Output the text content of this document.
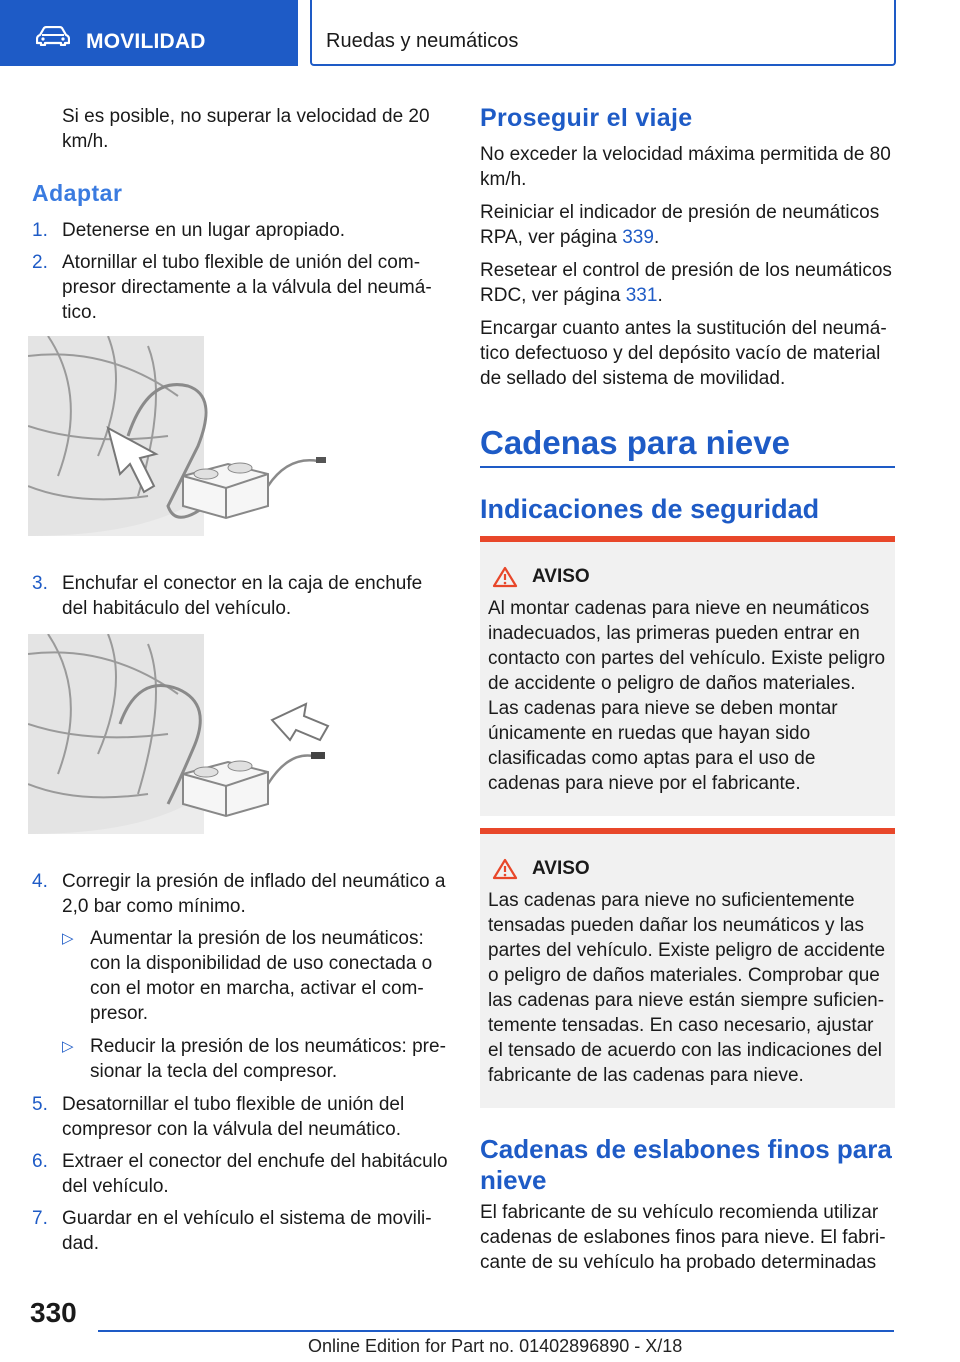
MOVILIDAD	Ruedas y neumáticos

Si es posible, no superar la velocidad de 20 km/h.

Adaptar
1. Detenerse en un lugar apropiado.
2. Atornillar el tubo flexible de unión del compresor directamente a la válvula del neumático.
3. Enchufar el conector en la caja de enchufe del habitáculo del vehículo.
4. Corregir la presión de inflado del neumático a 2,0 bar como mínimo.
▷ Aumentar la presión de los neumáticos: con la disponibilidad de uso conectada o con el motor en marcha, activar el compresor.
▷ Reducir la presión de los neumáticos: presionar la tecla del compresor.
5. Desatornillar el tubo flexible de unión del compresor con la válvula del neumático.
6. Extraer el conector del enchufe del habitáculo del vehículo.
7. Guardar en el vehículo el sistema de movilidad.
Proseguir el viaje

No exceder la velocidad máxima permitida de 80 km/h.

Reiniciar el indicador de presión de neumáticos RPA, ver página 339.

Resetear el control de presión de los neumáticos RDC, ver página 331.

Encargar cuanto antes la sustitución del neumático defectuoso y del depósito vacío de material de sellado del sistema de movilidad.

Cadenas para nieve
Indicaciones de seguridad
AVISO

Al montar cadenas para nieve en neumáticos inadecuados, las primeras pueden entrar en contacto con partes del vehículo. Existe peligro de accidente o peligro de daños materiales. Las cadenas para nieve se deben montar únicamente en ruedas que hayan sido clasificadas como aptas para el uso de cadenas para nieve por el fabricante.

AVISO

Las cadenas para nieve no suficientemente tensadas pueden dañar los neumáticos y las partes del vehículo. Existe peligro de accidente o peligro de daños materiales. Comprobar que las cadenas para nieve están siempre suficientemente tensadas. En caso necesario, ajustar el tensado de acuerdo con las indicaciones del fabricante de las cadenas para nieve.

Cadenas de eslabones finos para nieve

El fabricante de su vehículo recomienda utilizar cadenas de eslabones finos para nieve. El fabricante de su vehículo ha probado determinadas

330
Online Edition for Part no. 01402896890 - X/18
